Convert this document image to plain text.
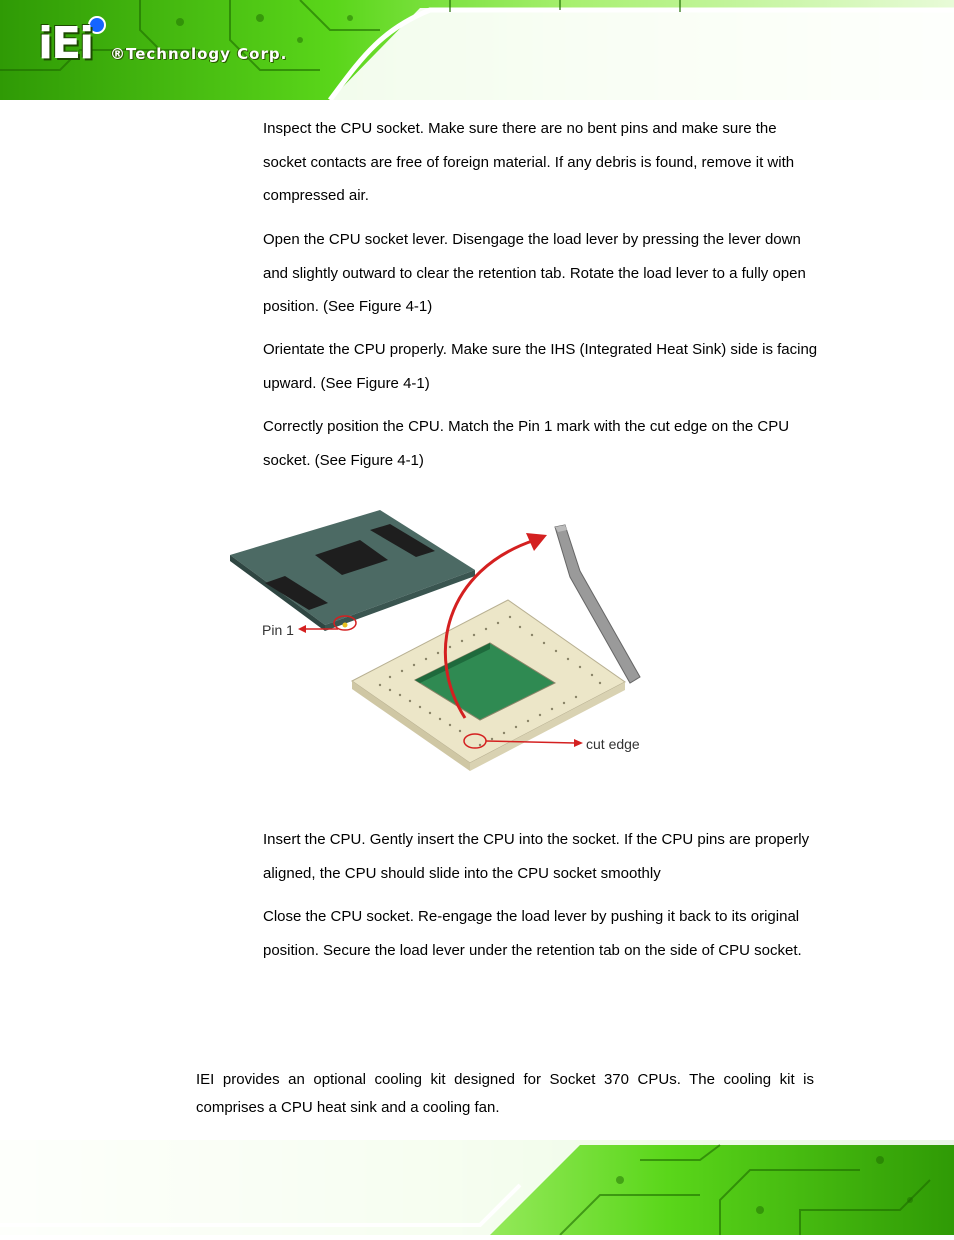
iEi ®Technology Corp.

Inspect the CPU socket. Make sure there are no bent pins and make sure the socket contacts are free of foreign material. If any debris is found, remove it with compressed air.

Open the CPU socket lever. Disengage the load lever by pressing the lever down and slightly outward to clear the retention tab. Rotate the load lever to a fully open position. (See Figure 4-1)

Orientate the CPU properly. Make sure the IHS (Integrated Heat Sink) side is facing upward. (See Figure 4-1)

Correctly position the CPU. Match the Pin 1 mark with the cut edge on the CPU socket. (See Figure 4-1)

Pin 1
cut edge

Insert the CPU. Gently insert the CPU into the socket. If the CPU pins are properly aligned, the CPU should slide into the CPU socket smoothly

Close the CPU socket. Re-engage the load lever by pushing it back to its original position. Secure the load lever under the retention tab on the side of CPU socket.

IEI provides an optional cooling kit designed for Socket 370 CPUs. The cooling kit is comprises a CPU heat sink and a cooling fan.
